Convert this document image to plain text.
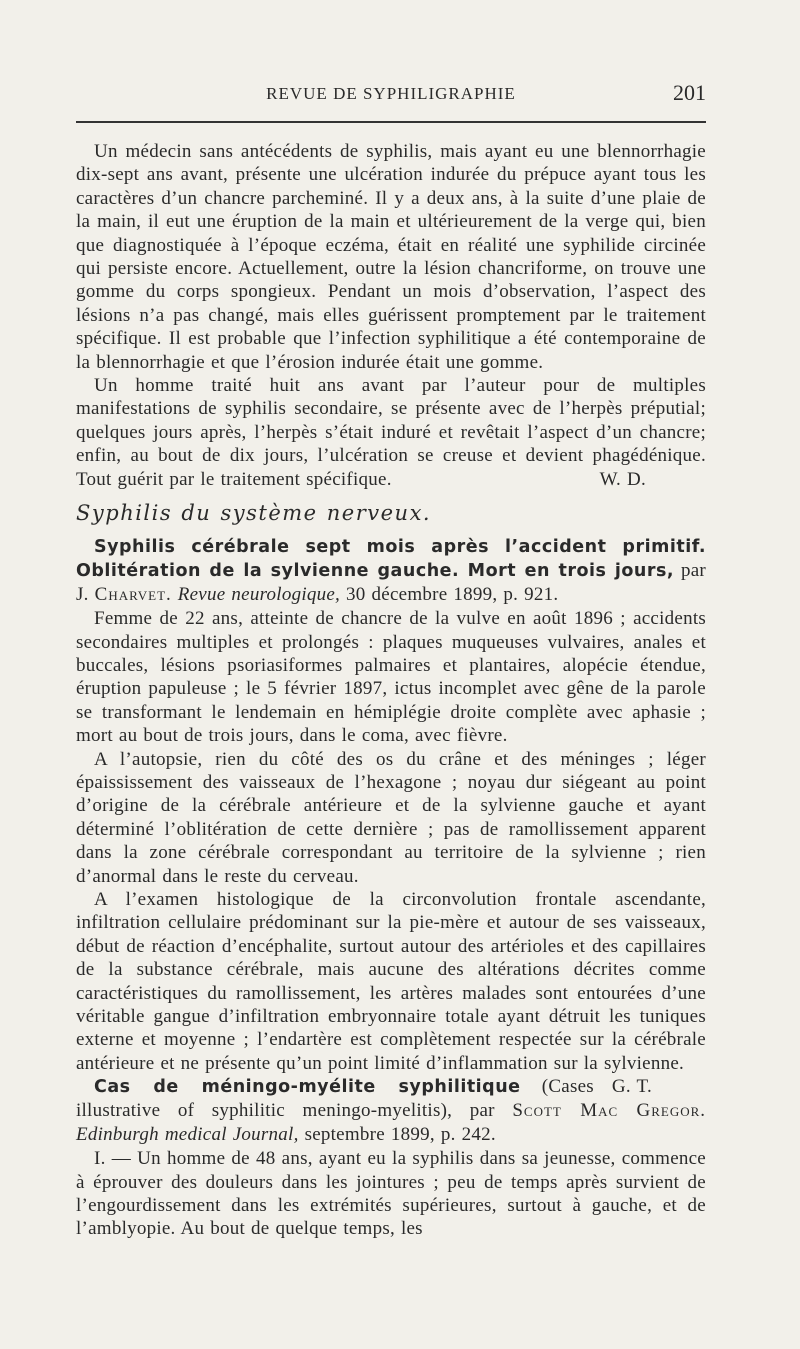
REVUE DE SYPHILIGRAPHIE	201

Un médecin sans antécédents de syphilis, mais ayant eu une blennorrhagie dix-sept ans avant, présente une ulcération indurée du prépuce ayant tous les caractères d’un chancre parcheminé. Il y a deux ans, à la suite d’une plaie de la main, il eut une éruption de la main et ultérieurement de la verge qui, bien que diagnostiquée à l’époque eczéma, était en réalité une syphilide circinée qui persiste encore. Actuellement, outre la lésion chancriforme, on trouve une gomme du corps spongieux. Pendant un mois d’observation, l’aspect des lésions n’a pas changé, mais elles guérissent promptement par le traitement spécifique. Il est probable que l’infection syphilitique a été contemporaine de la blennorrhagie et que l’érosion indurée était une gomme.

Un homme traité huit ans avant par l’auteur pour de multiples manifestations de syphilis secondaire, se présente avec de l’herpès préputial; quelques jours après, l’herpès s’était induré et revêtait l’aspect d’un chancre; enfin, au bout de dix jours, l’ulcération se creuse et devient phagédénique. Tout guérit par le traitement spécifique.	W. D.

Syphilis du système nerveux.

Syphilis cérébrale sept mois après l’accident primitif. Oblitération de la sylvienne gauche. Mort en trois jours, par J. Charvet. Revue neurologique, 30 décembre 1899, p. 921.

Femme de 22 ans, atteinte de chancre de la vulve en août 1896 ; accidents secondaires multiples et prolongés : plaques muqueuses vulvaires, anales et buccales, lésions psoriasiformes palmaires et plantaires, alopécie étendue, éruption papuleuse ; le 5 février 1897, ictus incomplet avec gêne de la parole se transformant le lendemain en hémiplégie droite complète avec aphasie ; mort au bout de trois jours, dans le coma, avec fièvre.

A l’autopsie, rien du côté des os du crâne et des méninges ; léger épaississement des vaisseaux de l’hexagone ; noyau dur siégeant au point d’origine de la cérébrale antérieure et de la sylvienne gauche et ayant déterminé l’oblitération de cette dernière ; pas de ramollissement apparent dans la zone cérébrale correspondant au territoire de la sylvienne ; rien d’anormal dans le reste du cerveau.

A l’examen histologique de la circonvolution frontale ascendante, infiltration cellulaire prédominant sur la pie-mère et autour de ses vaisseaux, début de réaction d’encéphalite, surtout autour des artérioles et des capillaires de la substance cérébrale, mais aucune des altérations décrites comme caractéristiques du ramollissement, les artères malades sont entourées d’une véritable gangue d’infiltration embryonnaire totale ayant détruit les tuniques externe et moyenne ; l’endartère est complètement respectée sur la cérébrale antérieure et ne présente qu’un point limité d’inflammation sur la sylvienne.
G. T.

Cas de méningo-myélite syphilitique (Cases illustrative of syphilitic meningo-myelitis), par Scott Mac Gregor. Edinburgh medical Journal, septembre 1899, p. 242.

I. — Un homme de 48 ans, ayant eu la syphilis dans sa jeunesse, commence à éprouver des douleurs dans les jointures ; peu de temps après survient de l’engourdissement dans les extrémités supérieures, surtout à gauche, et de l’amblyopie. Au bout de quelque temps, les
